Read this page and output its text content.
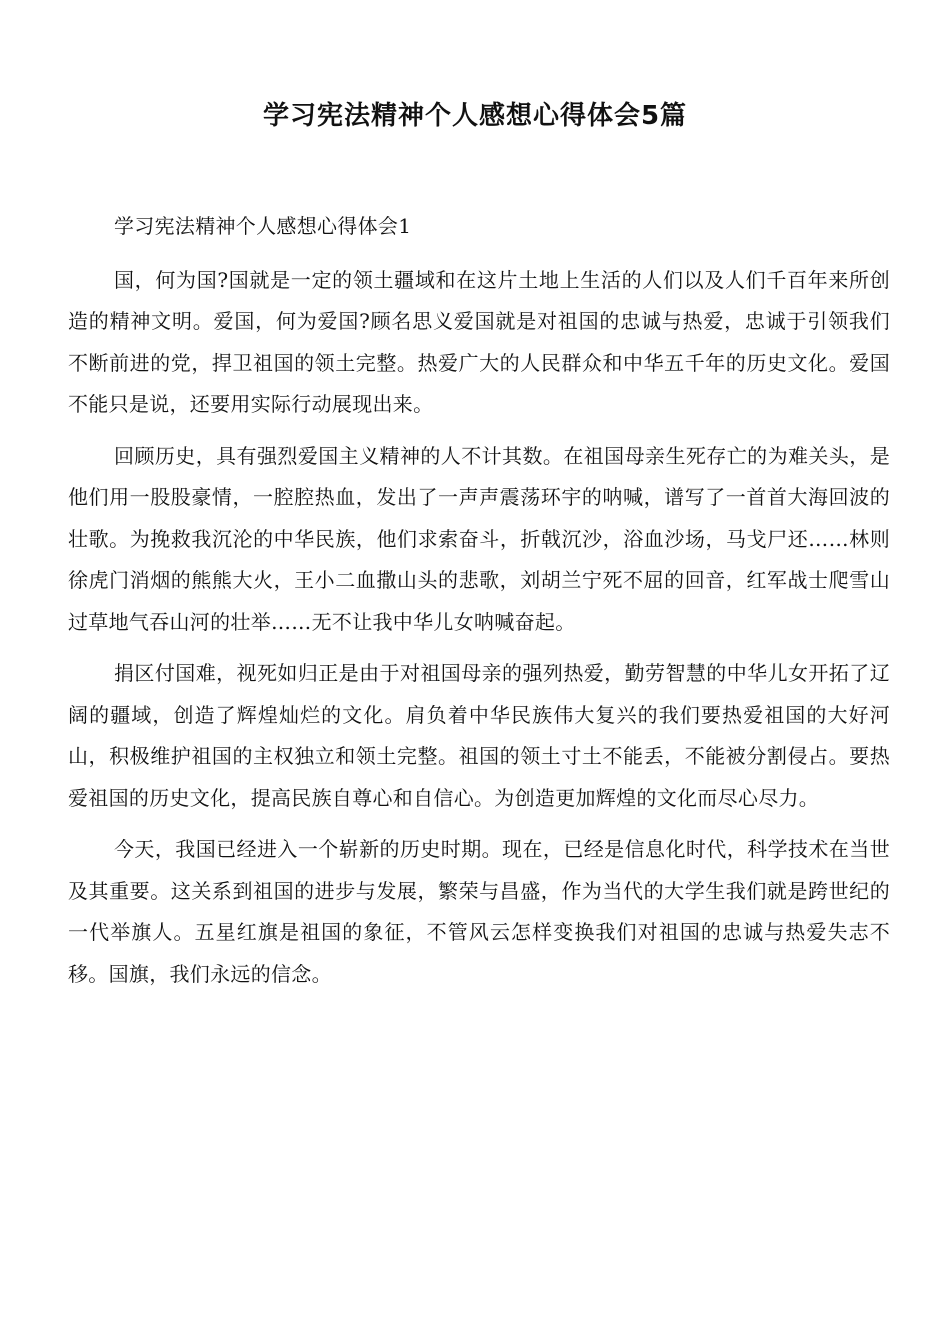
学习宪法精神个人感想心得体会5篇

学习宪法精神个人感想心得体会1

国，何为国?国就是一定的领土疆域和在这片土地上生活的人们以及人们千百年来所创造的精神文明。爱国，何为爱国?顾名思义爱国就是对祖国的忠诚与热爱，忠诚于引领我们不断前进的党，捍卫祖国的领土完整。热爱广大的人民群众和中华五千年的历史文化。爱国不能只是说，还要用实际行动展现出来。

回顾历史，具有强烈爱国主义精神的人不计其数。在祖国母亲生死存亡的为难关头，是他们用一股股豪情，一腔腔热血，发出了一声声震荡环宇的呐喊，谱写了一首首大海回波的壮歌。为挽救我沉沦的中华民族，他们求索奋斗，折戟沉沙，浴血沙场，马戈尸还……林则徐虎门消烟的熊熊大火，王小二血撒山头的悲歌，刘胡兰宁死不屈的回音，红军战士爬雪山过草地气吞山河的壮举……无不让我中华儿女呐喊奋起。

捐区付国难，视死如归正是由于对祖国母亲的强列热爱，勤劳智慧的中华儿女开拓了辽阔的疆域，创造了辉煌灿烂的文化。肩负着中华民族伟大复兴的我们要热爱祖国的大好河山，积极维护祖国的主权独立和领土完整。祖国的领土寸土不能丢，不能被分割侵占。要热爱祖国的历史文化，提高民族自尊心和自信心。为创造更加辉煌的文化而尽心尽力。

今天，我国已经进入一个崭新的历史时期。现在，已经是信息化时代，科学技术在当世及其重要。这关系到祖国的进步与发展，繁荣与昌盛，作为当代的大学生我们就是跨世纪的一代举旗人。五星红旗是祖国的象征，不管风云怎样变换我们对祖国的忠诚与热爱失志不移。国旗，我们永远的信念。
